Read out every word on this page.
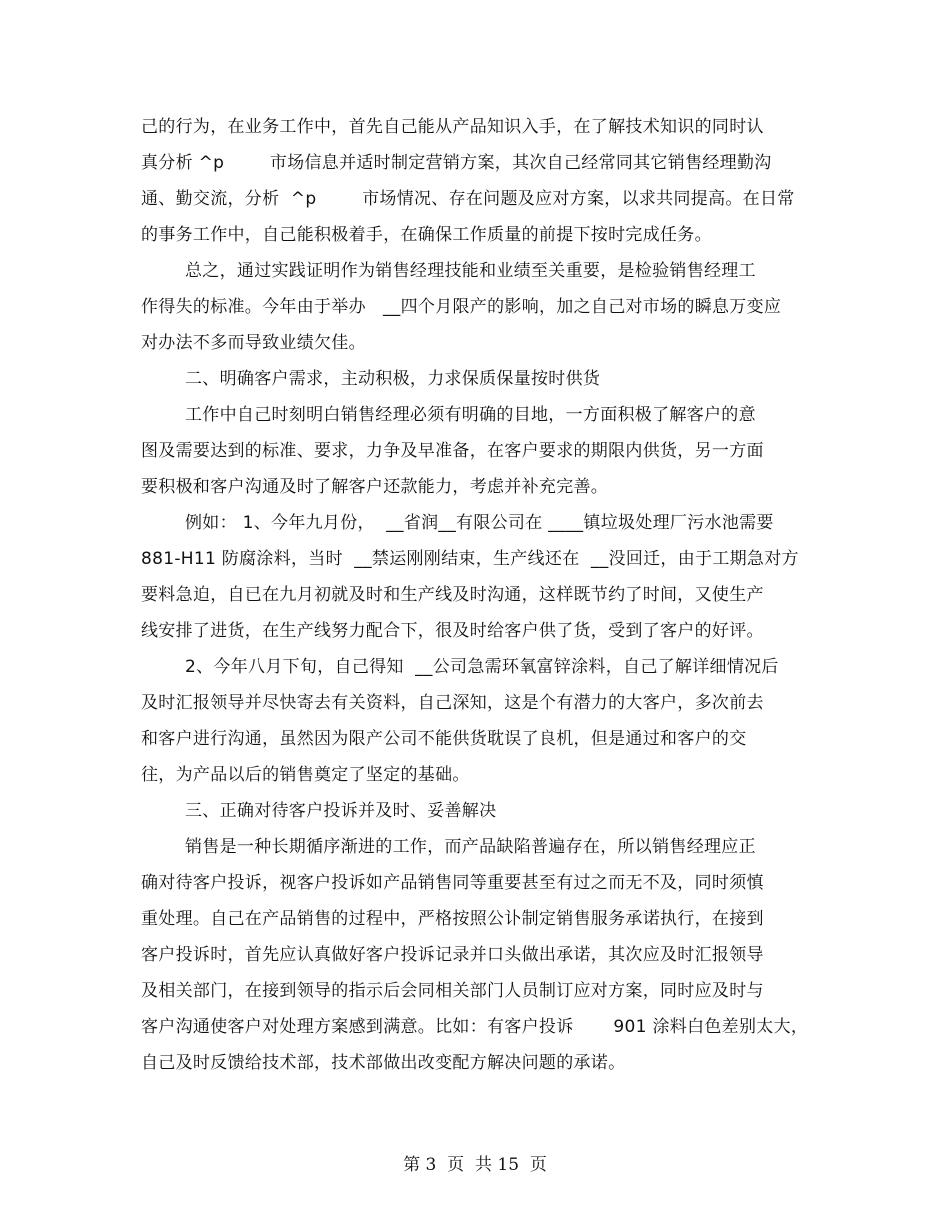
己的行为，在业务工作中，首先自己能从产品知识入手，在了解技术知识的同时认
真分析 ^p        市场信息并适时制定营销方案，其次自己经常同其它销售经理勤沟
通、勤交流，分析  ^p        市场情况、存在问题及应对方案，以求共同提高。在日常
的事务工作中，自己能积极着手，在确保工作质量的前提下按时完成任务。
总之，通过实践证明作为销售经理技能和业绩至关重要，是检验销售经理工
作得失的标准。今年由于举办   __四个月限产的影响，加之自己对市场的瞬息万变应
对办法不多而导致业绩欠佳。
二、明确客户需求，主动积极，力求保质保量按时供货
工作中自己时刻明白销售经理必须有明确的目地，一方面积极了解客户的意
图及需要达到的标准、要求，力争及早准备，在客户要求的期限内供货，另一方面
要积极和客户沟通及时了解客户还款能力，考虑并补充完善。
例如： 1、今年九月份，  __省润__有限公司在 ____镇垃圾处理厂污水池需要
881-H11 防腐涂料，当时  __禁运刚刚结束，生产线还在  __没回迁，由于工期急对方
要料急迫，自已在九月初就及时和生产线及时沟通，这样既节约了时间，又使生产
线安排了进货，在生产线努力配合下，很及时给客户供了货，受到了客户的好评。
2、今年八月下旬，自己得知  __公司急需环氧富锌涂料，自己了解详细情况后
及时汇报领导并尽快寄去有关资料，自己深知，这是个有潜力的大客户，多次前去
和客户进行沟通，虽然因为限产公司不能供货耽误了良机，但是通过和客户的交
往，为产品以后的销售奠定了坚定的基础。
三、正确对待客户投诉并及时、妥善解决
销售是一种长期循序渐进的工作，而产品缺陷普遍存在，所以销售经理应正
确对待客户投诉，视客户投诉如产品销售同等重要甚至有过之而无不及，同时须慎
重处理。自己在产品销售的过程中，严格按照公讣制定销售服务承诺执行，在接到
客户投诉时，首先应认真做好客户投诉记录并口头做出承诺，其次应及时汇报领导
及相关部门，在接到领导的指示后会同相关部门人员制订应对方案，同时应及时与
客户沟通使客户对处理方案感到满意。比如：有客户投诉       901 涂料白色差别太大，
自己及时反馈给技术部，技术部做出改变配方解决问题的承诺。
第 3  页  共 15  页
